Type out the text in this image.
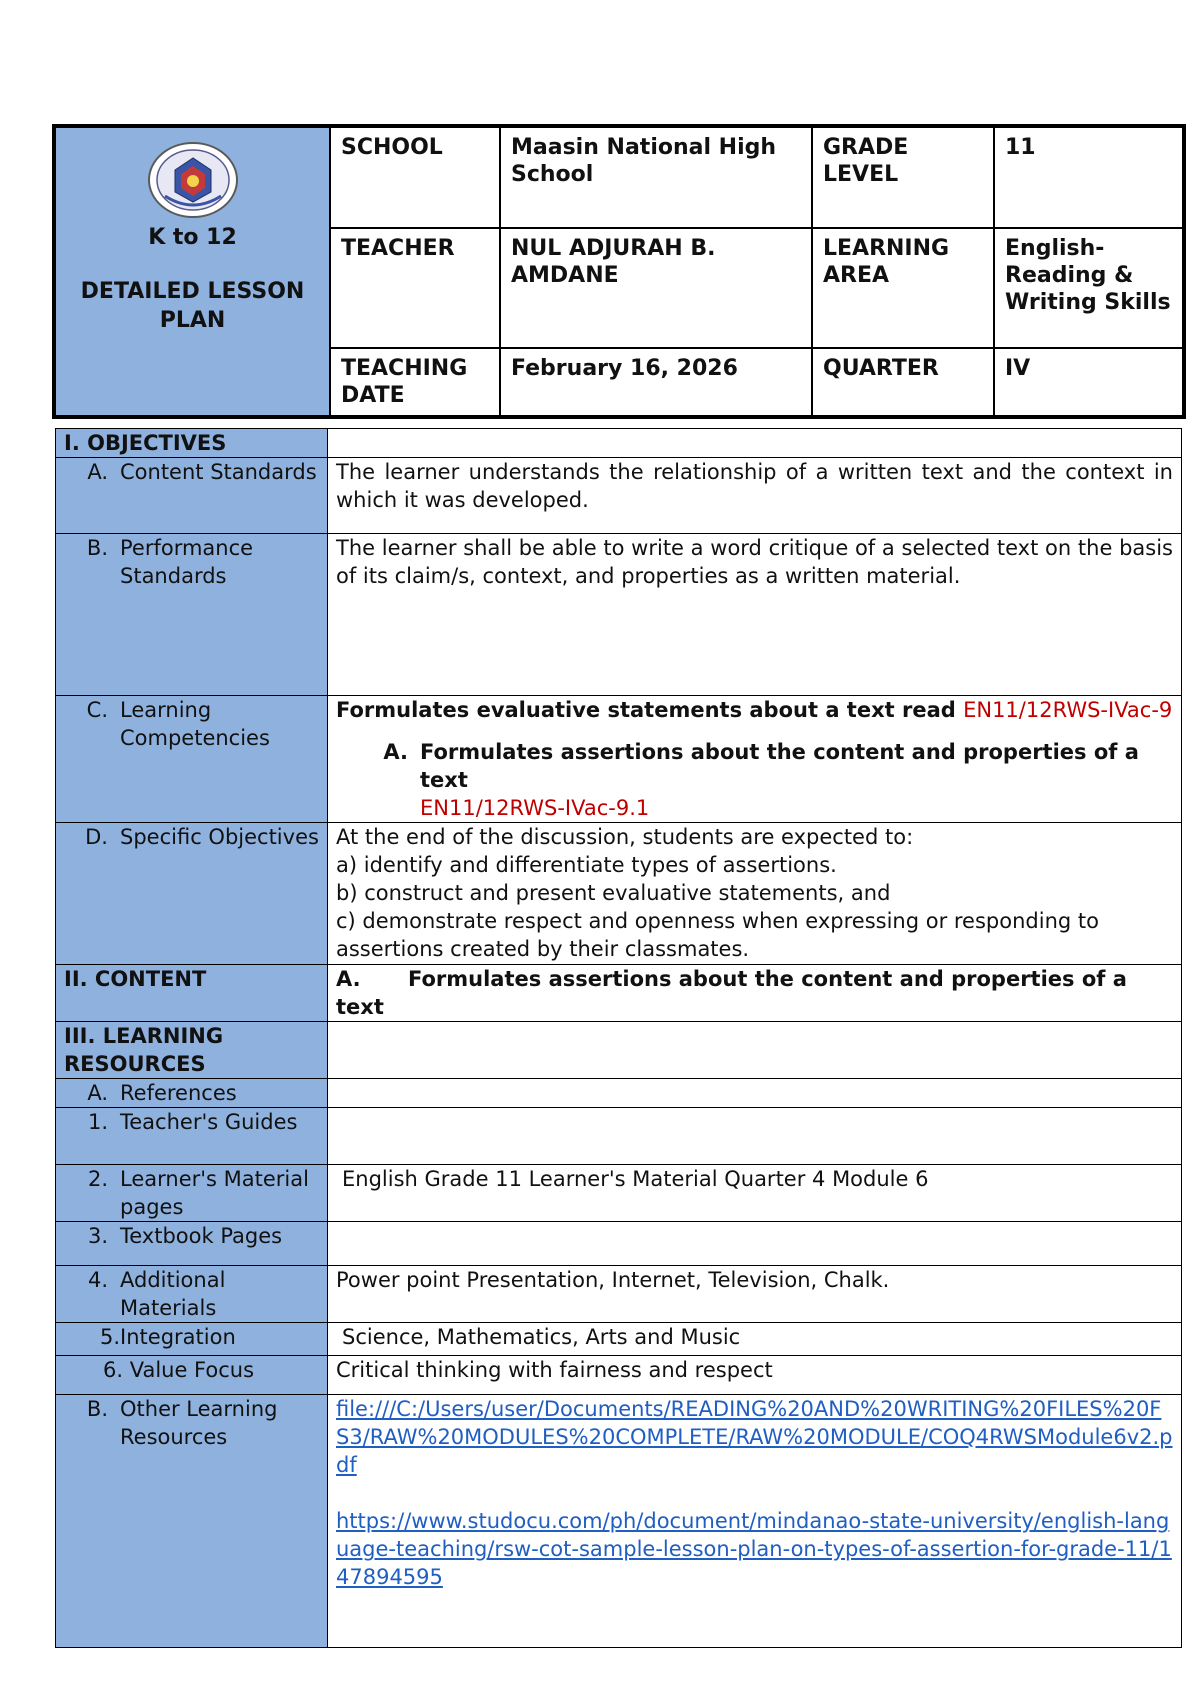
K to 12
DETAILED LESSON PLAN	SCHOOL	Maasin National High School	GRADE LEVEL	11
	TEACHER	NUL ADJURAH B. AMDANE	LEARNING AREA	English-Reading & Writing Skills
	TEACHING DATE	February 16, 2026	QUARTER	IV
I. OBJECTIVES	

A. Content Standards	The learner understands the relationship of a written text and the context in which it was developed.

B. Performance Standards	The learner shall be able to write a word critique of a selected text on the basis of its claim/s, context, and properties as a written material.

C. Learning Competencies	Formulates evaluative statements about a text read EN11/12RWS-IVac-9
A. Formulates assertions about the content and properties of a text
EN11/12RWS-IVac-9.1

D. Specific Objectives	At the end of the discussion, students are expected to:
a) identify and differentiate types of assertions.
b) construct and present evaluative statements, and
c) demonstrate respect and openness when expressing or responding to assertions created by their classmates.

II. CONTENT	A. Formulates assertions about the content and properties of a text
III. LEARNING RESOURCES	

A. References	

1. Teacher's Guides	

2. Learner's Material pages	English Grade 11 Learner's Material Quarter 4 Module 6

3. Textbook Pages	

4. Additional Materials	Power point Presentation, Internet, Television, Chalk.
5.Integration	Science, Mathematics, Arts and Music
6. Value Focus	Critical thinking with fairness and respect

B. Other Learning Resources	file:///C:/Users/user/Documents/READING%20AND%20WRITING%20FILES%20FS3/RAW%20MODULES%20COMPLETE/RAW%20MODULE/COQ4RWSModule6v2.pdf
https://www.studocu.com/ph/document/mindanao-state-university/english-language-teaching/rsw-cot-sample-lesson-plan-on-types-of-assertion-for-grade-11/147894595
